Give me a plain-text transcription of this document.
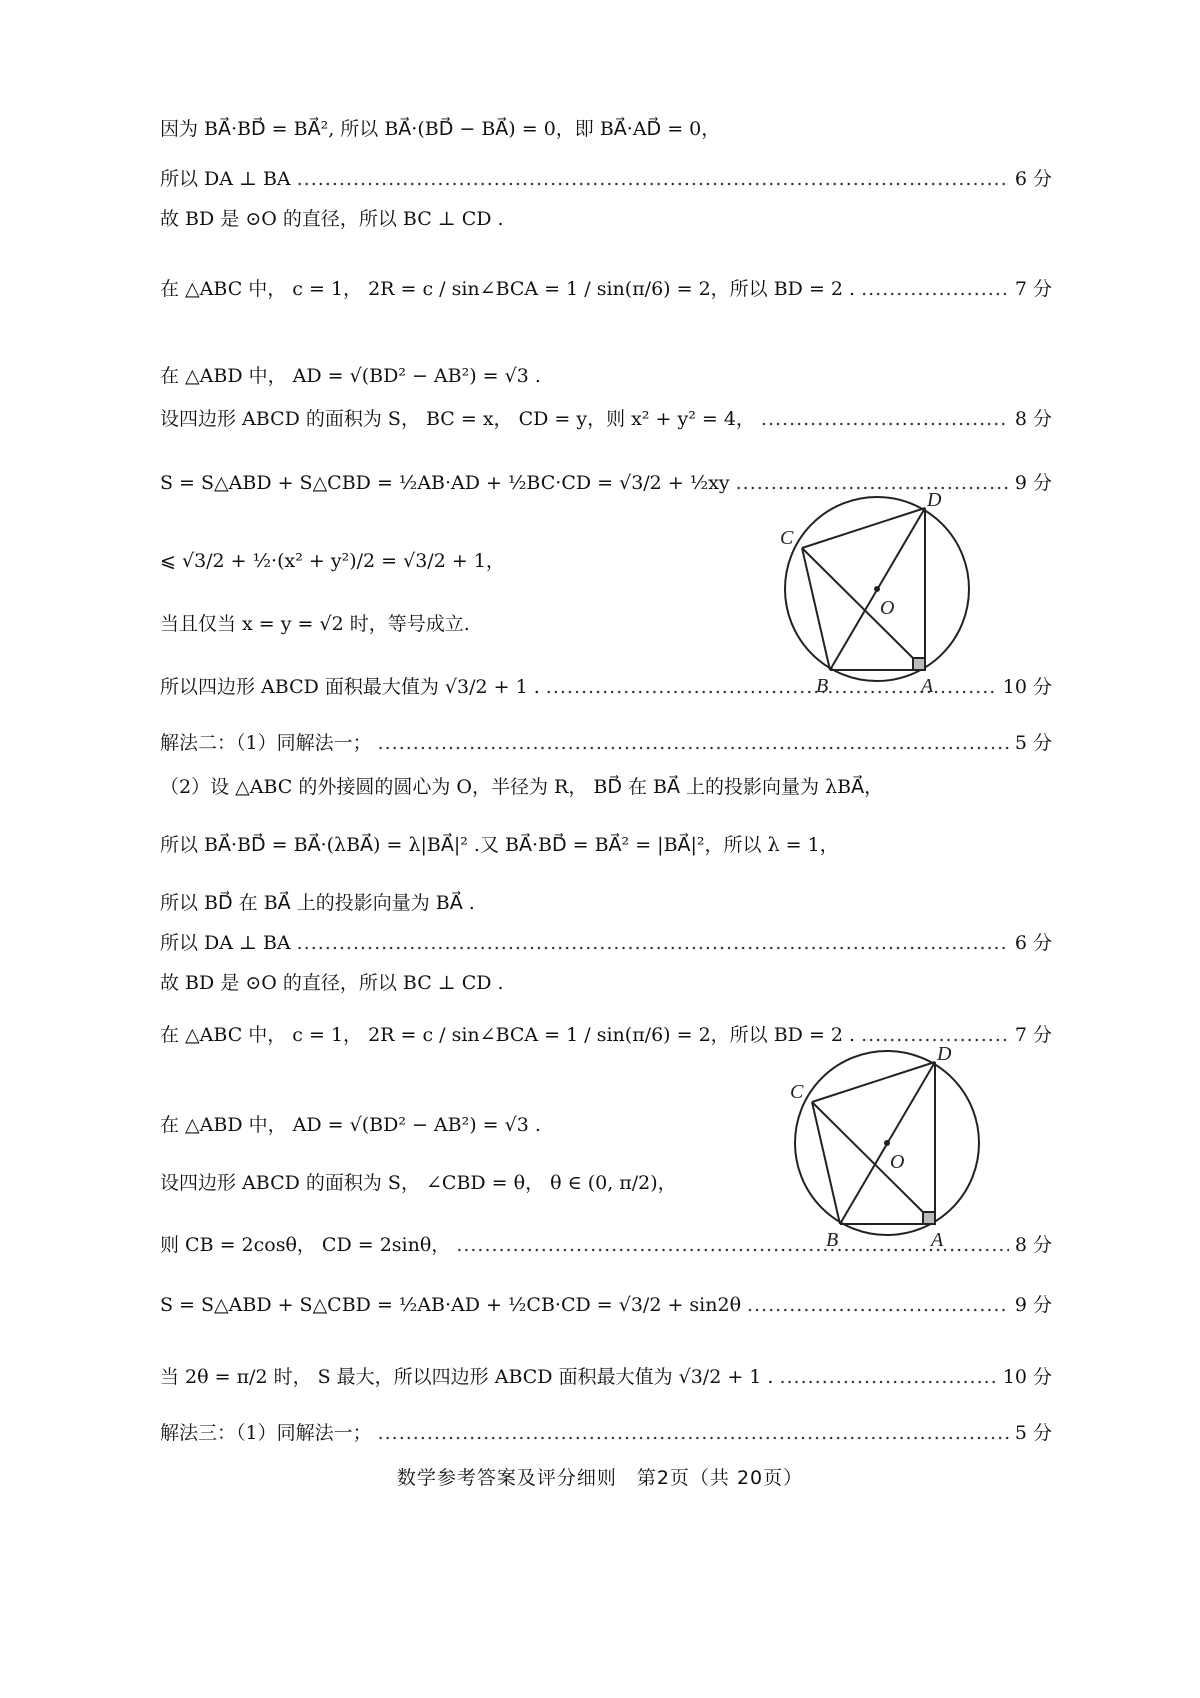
因为 BA⃗·BD⃗ = BA⃗², 所以 BA⃗·(BD⃗ − BA⃗) = 0，即 BA⃗·AD⃗ = 0，
所以 DA ⊥ BA .....	6 分
故 BD 是 ⊙O 的直径，所以 BC ⊥ CD .
在 △ABC 中， c = 1， 2R = c / sin∠BCA = 1 / sin(π/6) = 2，所以 BD = 2 . .....	7 分
在 △ABD 中， AD = √(BD² − AB²) = √3 .
设四边形 ABCD 的面积为 S， BC = x， CD = y，则 x² + y² = 4， .....	8 分
S = S△ABD + S△CBD = ½AB·AD + ½BC·CD = √3/2 + ½xy .....	9 分
⩽ √3/2 + ½·(x² + y²)/2 = √3/2 + 1，
当且仅当 x = y = √2 时，等号成立.
所以四边形 ABCD 面积最大值为 √3/2 + 1 . .....	10 分
解法二：（1）同解法一； .....	5 分
（2）设 △ABC 的外接圆的圆心为 O，半径为 R， BD⃗ 在 BA⃗ 上的投影向量为 λBA⃗，
所以 BA⃗·BD⃗ = BA⃗·(λBA⃗) = λ|BA⃗|² .又 BA⃗·BD⃗ = BA⃗² = |BA⃗|²，所以 λ = 1，
所以 BD⃗ 在 BA⃗ 上的投影向量为 BA⃗ .
所以 DA ⊥ BA .....	6 分
故 BD 是 ⊙O 的直径，所以 BC ⊥ CD .
在 △ABC 中， c = 1， 2R = c / sin∠BCA = 1 / sin(π/6) = 2，所以 BD = 2 . .....	7 分
在 △ABD 中， AD = √(BD² − AB²) = √3 .
设四边形 ABCD 的面积为 S， ∠CBD = θ， θ ∈ (0, π/2)，
则 CB = 2cosθ， CD = 2sinθ， .....	8 分
S = S△ABD + S△CBD = ½AB·AD + ½CB·CD = √3/2 + sin2θ .....	9 分
当 2θ = π/2 时， S 最大，所以四边形 ABCD 面积最大值为 √3/2 + 1 . .....	10 分
解法三：（1）同解法一； .....	5 分
C
D
O
B	A
C
D
O
B	A
数学参考答案及评分细则　第2页（共 20页）
